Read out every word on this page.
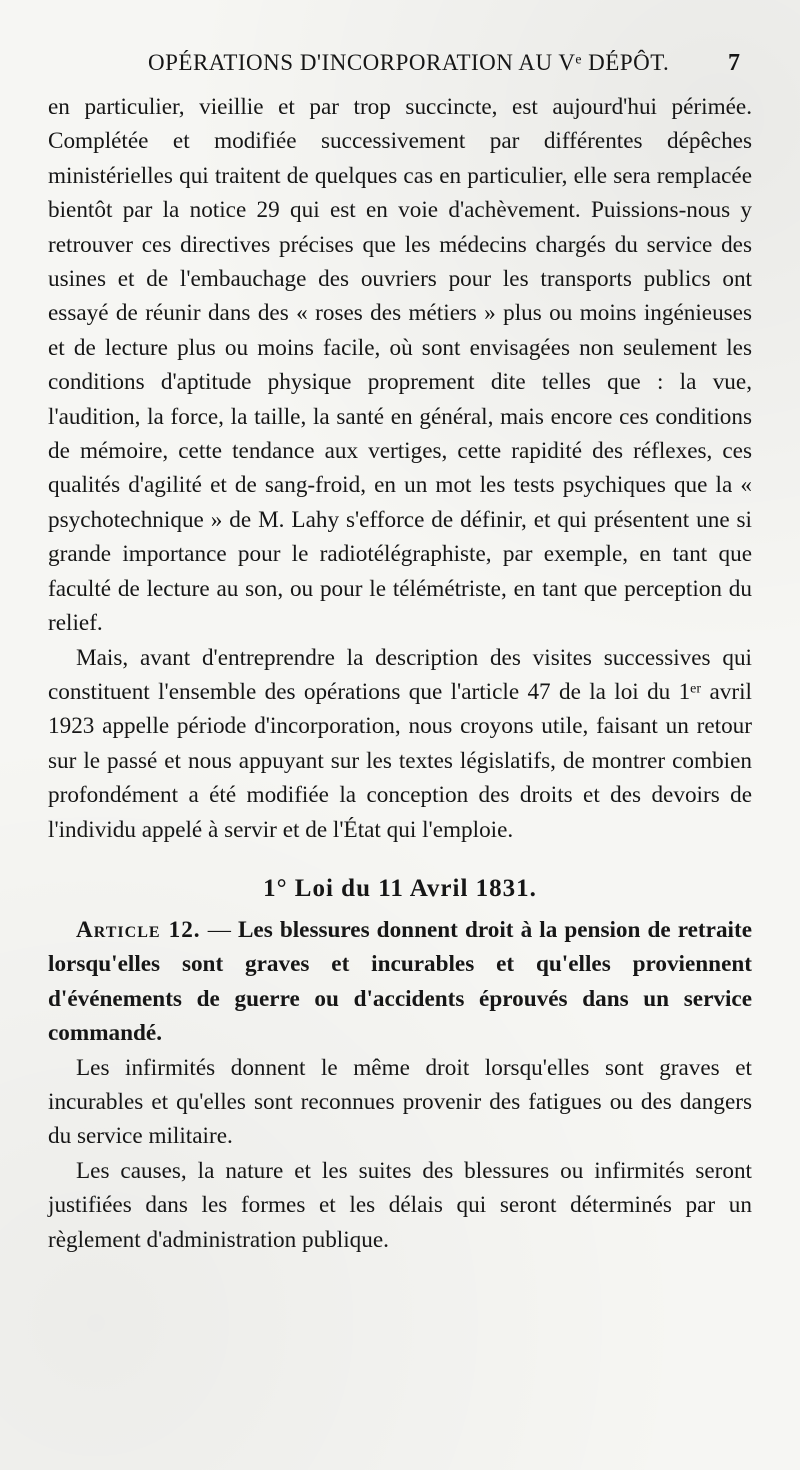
OPÉRATIONS D'INCORPORATION AU Vᵉ DÉPÔT. 7

en particulier, vieillie et par trop succincte, est aujourd'hui périmée. Complétée et modifiée successivement par différentes dépêches ministérielles qui traitent de quelques cas en particulier, elle sera remplacée bientôt par la notice 29 qui est en voie d'achèvement. Puissions-nous y retrouver ces directives précises que les médecins chargés du service des usines et de l'embauchage des ouvriers pour les transports publics ont essayé de réunir dans des « roses des métiers » plus ou moins ingénieuses et de lecture plus ou moins facile, où sont envisagées non seulement les conditions d'aptitude physique proprement dite telles que : la vue, l'audition, la force, la taille, la santé en général, mais encore ces conditions de mémoire, cette tendance aux vertiges, cette rapidité des réflexes, ces qualités d'agilité et de sang-froid, en un mot les tests psychiques que la « psychotechnique » de M. Lahy s'efforce de définir, et qui présentent une si grande importance pour le radiotélégraphiste, par exemple, en tant que faculté de lecture au son, ou pour le télémétriste, en tant que perception du relief.

Mais, avant d'entreprendre la description des visites successives qui constituent l'ensemble des opérations que l'article 47 de la loi du 1ᵉʳ avril 1923 appelle période d'incorporation, nous croyons utile, faisant un retour sur le passé et nous appuyant sur les textes législatifs, de montrer combien profondément a été modifiée la conception des droits et des devoirs de l'individu appelé à servir et de l'État qui l'emploie.

1° Loi du 11 Avril 1831.

Article 12. — Les blessures donnent droit à la pension de retraite lorsqu'elles sont graves et incurables et qu'elles proviennent d'événements de guerre ou d'accidents éprouvés dans un service commandé.

Les infirmités donnent le même droit lorsqu'elles sont graves et incurables et qu'elles sont reconnues provenir des fatigues ou des dangers du service militaire.

Les causes, la nature et les suites des blessures ou infirmités seront justifiées dans les formes et les délais qui seront déterminés par un règlement d'administration publique.
